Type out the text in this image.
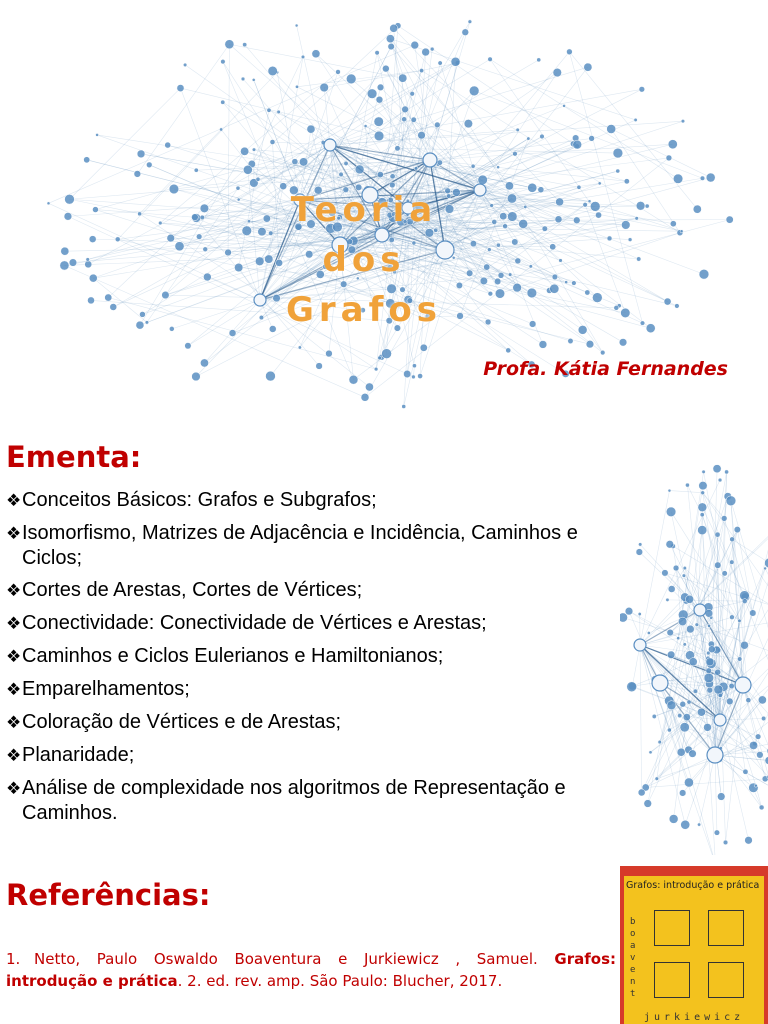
Teoria
dos
Grafos
Profa. Kátia Fernandes
Ementa:
❖Conceitos Básicos: Grafos e Subgrafos;
❖Isomorfismo, Matrizes de Adjacência e Incidência, Caminhos e Ciclos;
❖Cortes de Arestas, Cortes de Vértices;
❖Conectividade: Conectividade de Vértices e Arestas;
❖Caminhos e Ciclos Eulerianos e Hamiltonianos;
❖Emparelhamentos;
❖Coloração de Vértices e de Arestas;
❖Planaridade;
❖Análise de complexidade nos algoritmos de Representação e Caminhos.
Referências:
1. Netto, Paulo Oswaldo Boaventura e Jurkiewicz , Samuel. Grafos: introdução e prática. 2. ed. rev. amp. São Paulo: Blucher, 2017.
Grafos: introdução e prática
boavent
jurkiewicz
